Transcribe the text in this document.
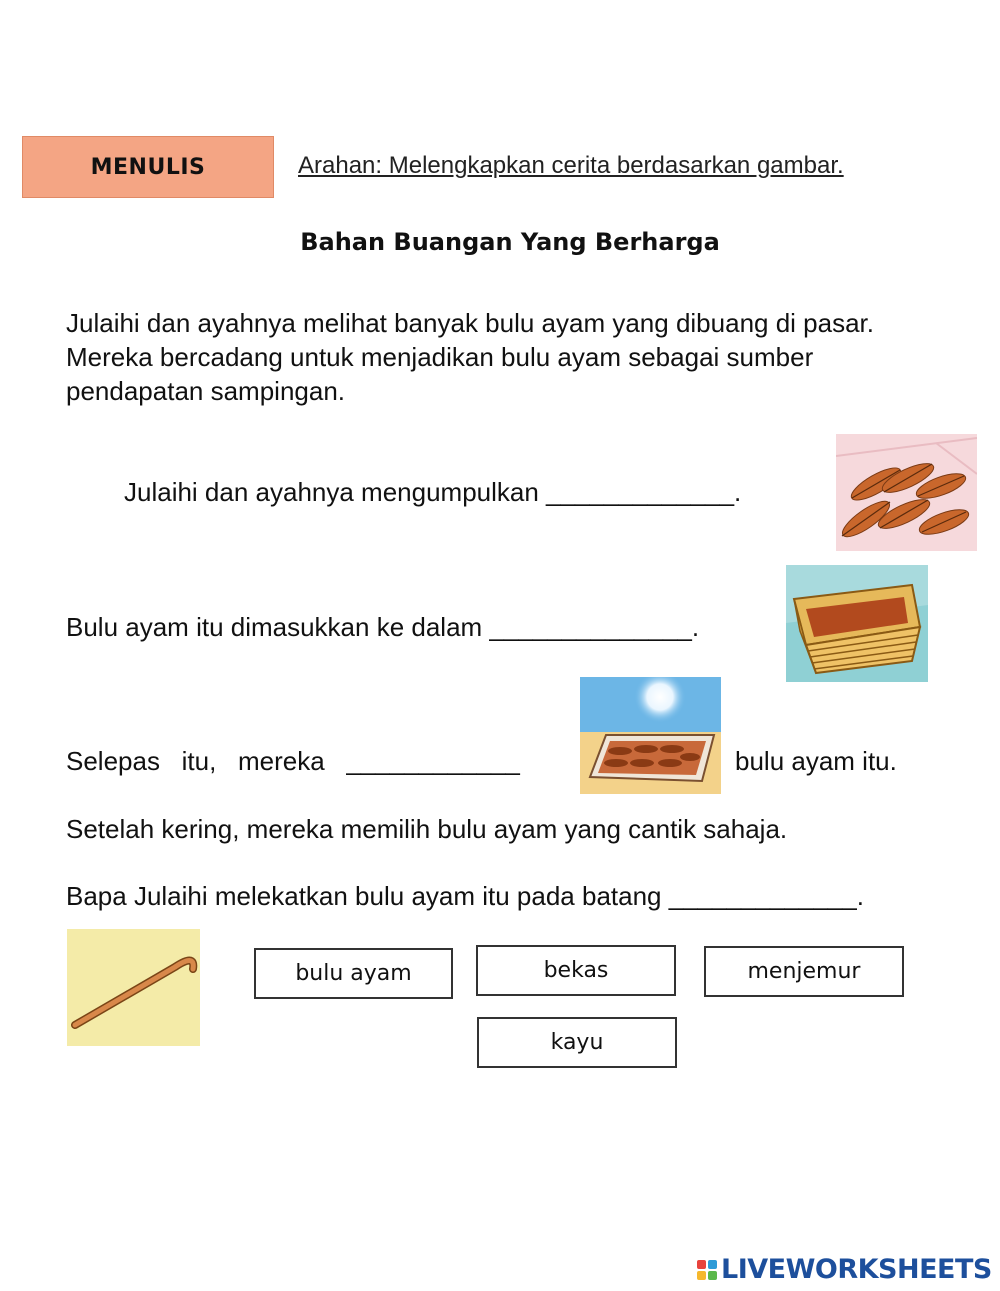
MENULIS	Arahan: Melengkapkan cerita berdasarkan gambar.
Bahan Buangan Yang Berharga
Julaihi dan ayahnya melihat banyak bulu ayam yang dibuang di pasar. Mereka bercadang untuk menjadikan bulu ayam sebagai sumber pendapatan sampingan.
Julaihi dan ayahnya mengumpulkan _____________.
Bulu ayam itu dimasukkan ke dalam ______________.
Selepas   itu,   mereka   ____________	bulu ayam itu.
Setelah kering, mereka memilih bulu ayam yang cantik sahaja.
Bapa Julaihi melekatkan bulu ayam itu pada batang _____________.
bulu ayam	bekas	menjemur
kayu
LIVEWORKSHEETS
